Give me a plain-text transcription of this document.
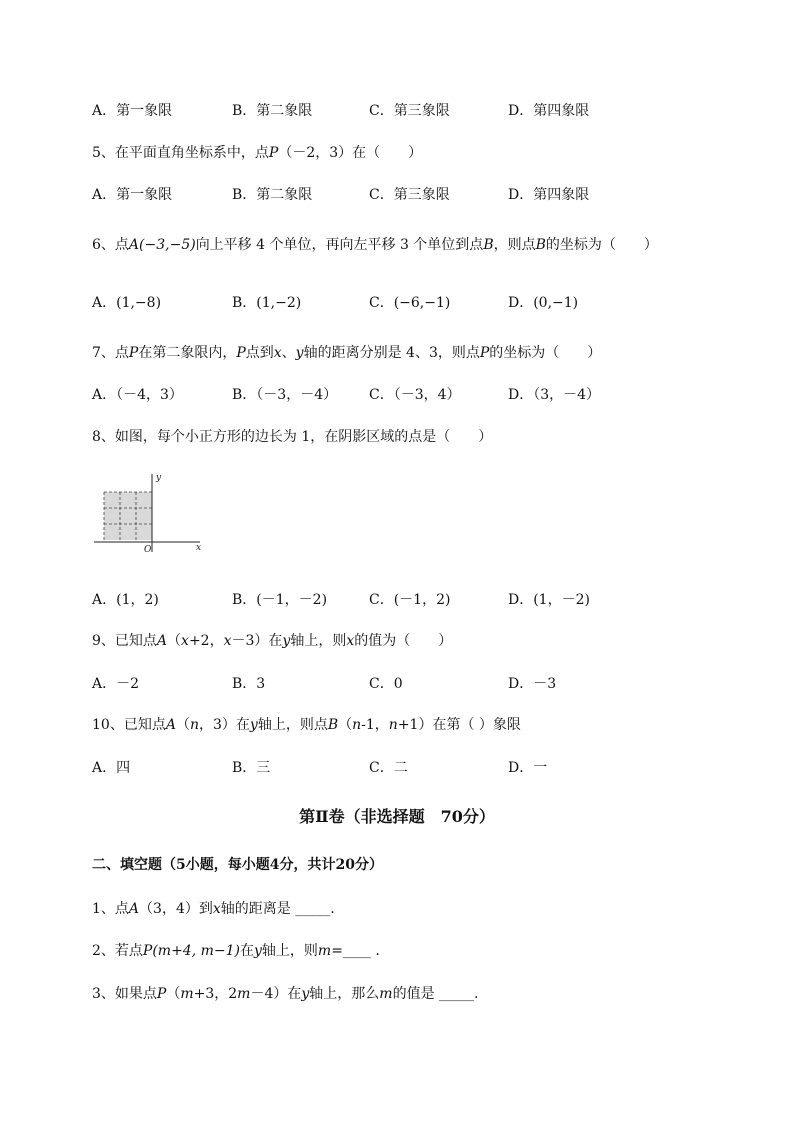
A．第一象限	B．第二象限	C．第三象限	D．第四象限
5、在平面直角坐标系中，点P（－2，3）在（　　）
A．第一象限	B．第二象限	C．第三象限	D．第四象限
6、点A(−3,−5)向上平移 4 个单位，再向左平移 3 个单位到点B，则点B的坐标为（　　）
A．(1,−8)	B．(1,−2)	C．(−6,−1)	D．(0,−1)
7、点P在第二象限内，P点到x、y轴的距离分别是 4、3，则点P的坐标为（　　）
A．（－4，3）	B．（－3，－4） C．（－3，4）	D．（3，－4）
8、如图，每个小正方形的边长为 1，在阴影区域的点是（　　）
y
x
O
A．(1，2)	B．(－1，－2)	C．(－1，2)	D．(1，－2)
9、已知点A（x+2，x－3）在y轴上，则x的值为（　　）
A．－2	B．3	C．0	D．－3
10、已知点A（n，3）在y轴上，则点B（n-1，n+1）在第（ ）象限
A．四	B．三	C．二	D．一
第Ⅱ卷（非选择题　70分）
二、填空题（5小题，每小题4分，共计20分）
1、点A（3，4）到x轴的距离是 _____.
2、若点P(m+4, m−1)在y轴上，则m=____ .
3、如果点P（m+3，2m－4）在y轴上，那么m的值是 _____.
